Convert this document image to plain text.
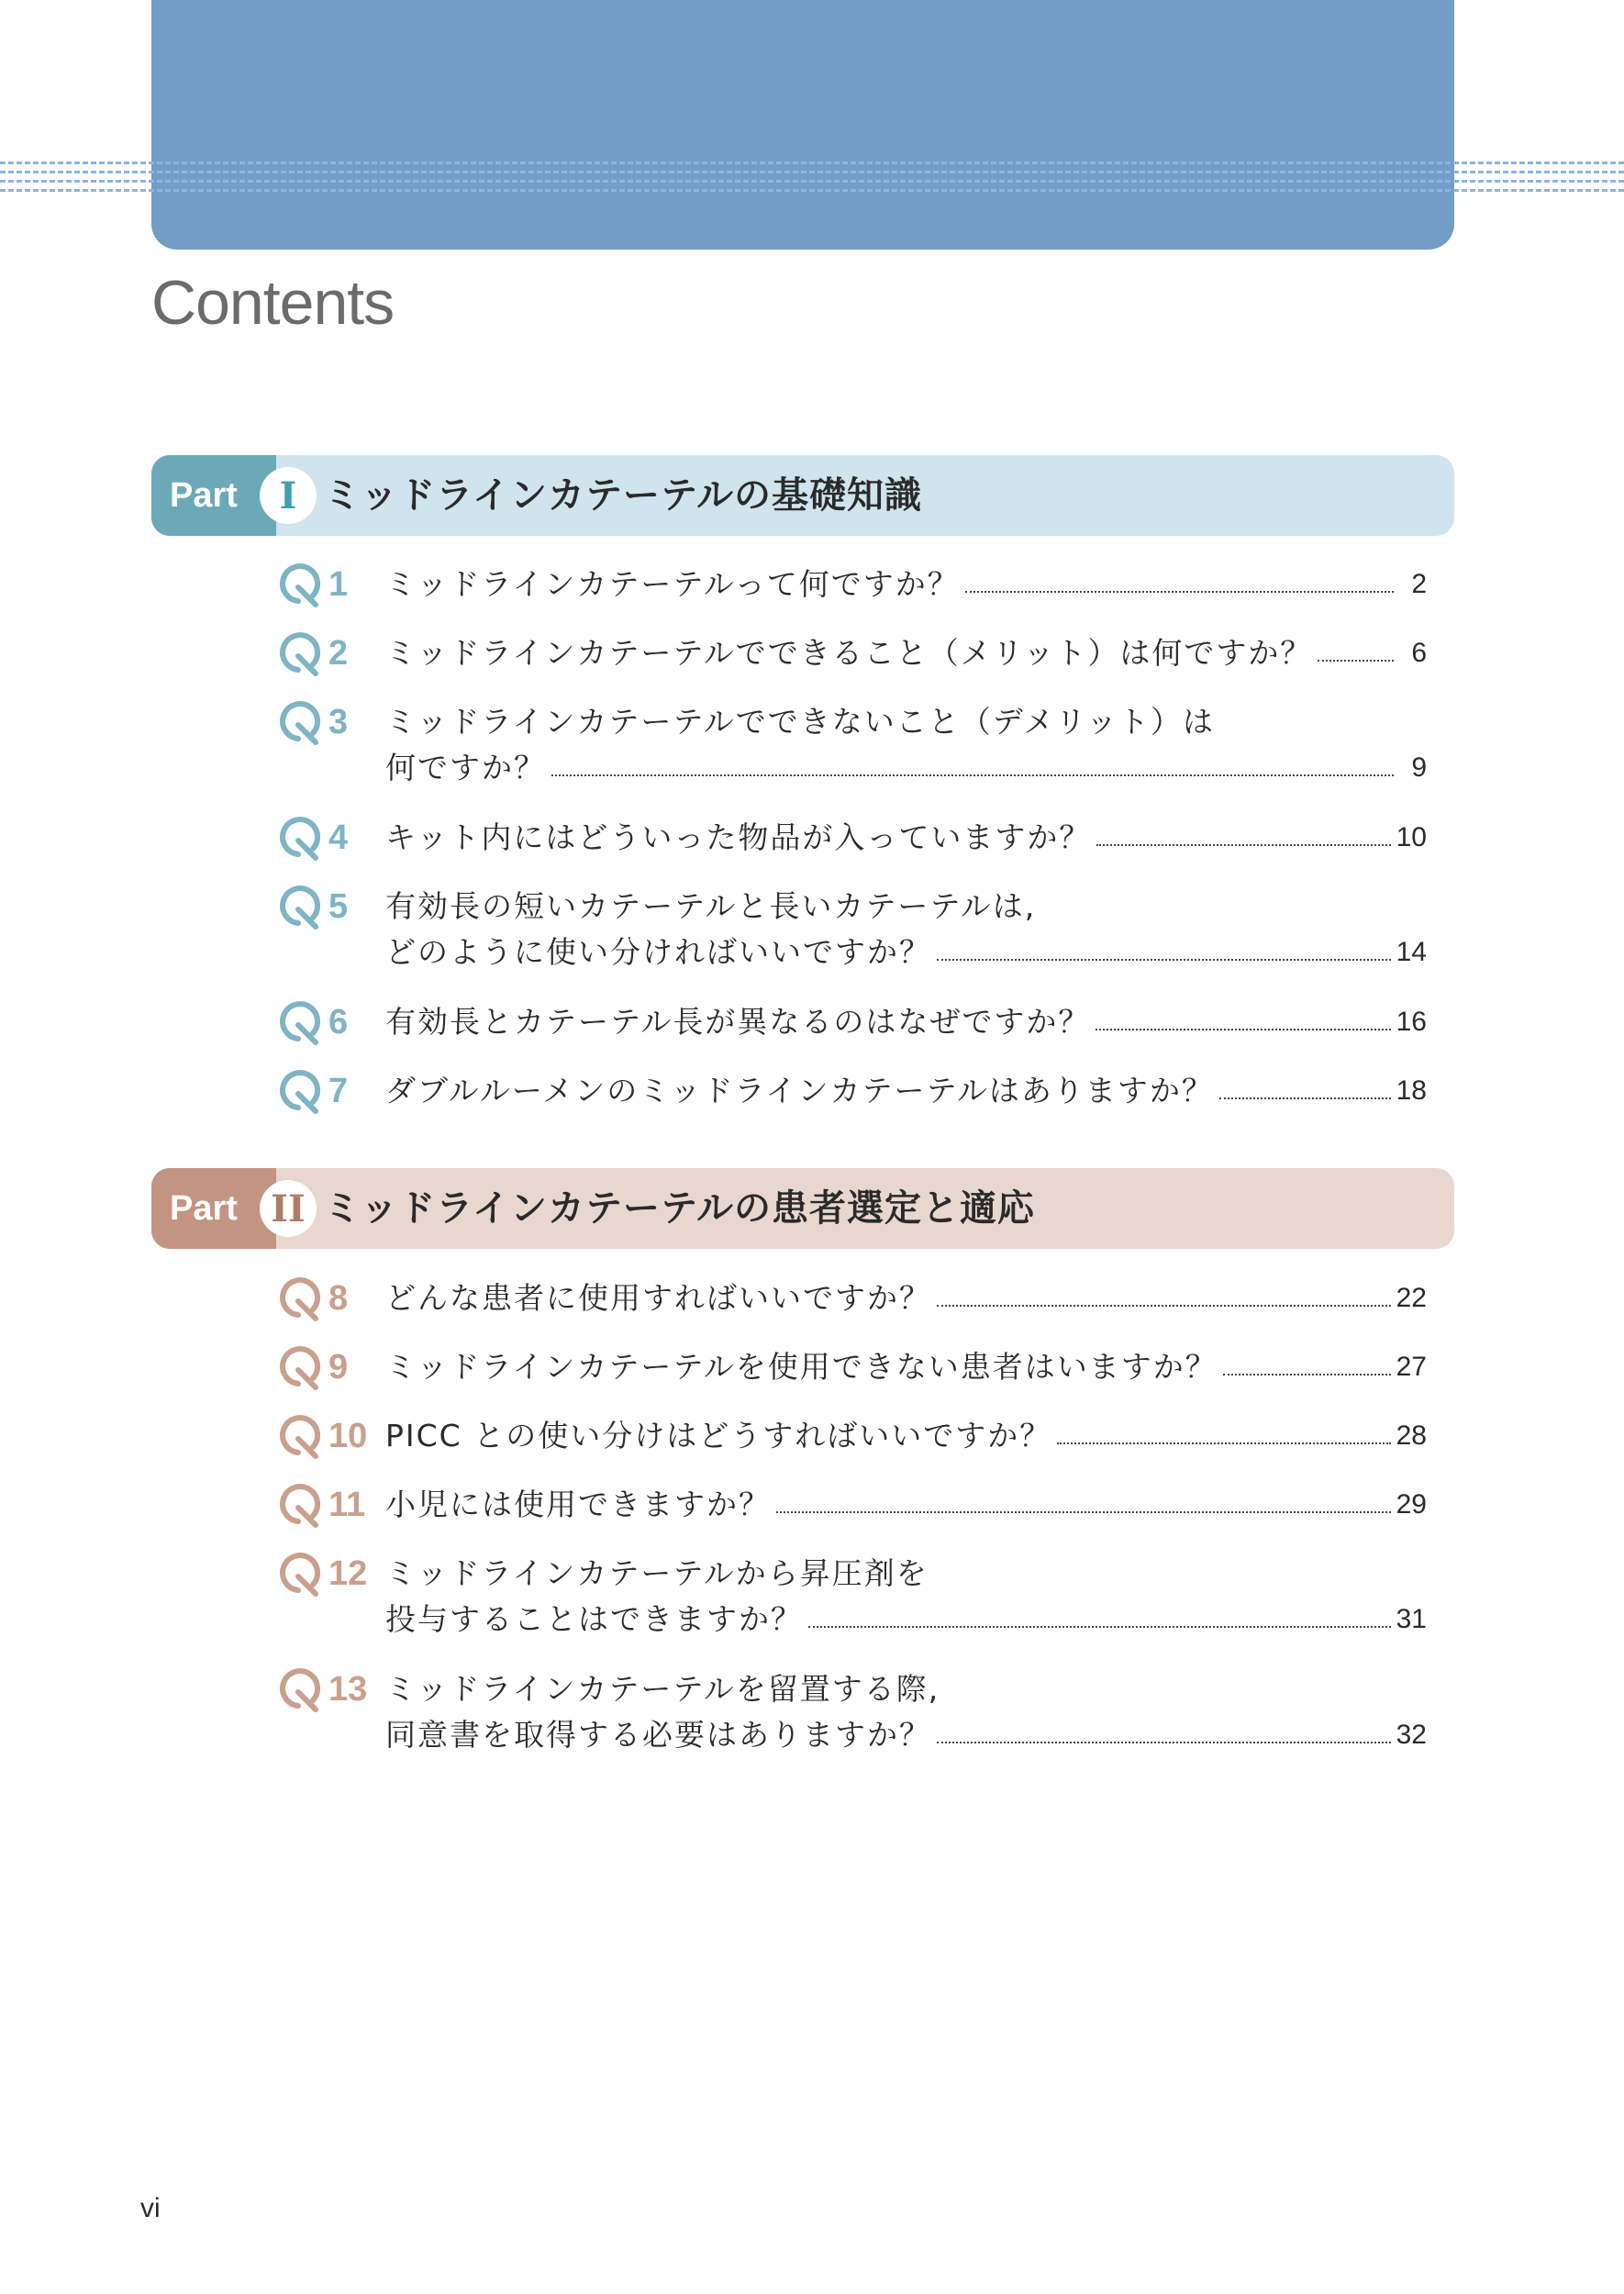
Contents
Part	I ミッドラインカテーテルの基礎知識
1 ミッドラインカテーテルって何ですか？	2
2 ミッドラインカテーテルでできること（メリット）は何ですか？	6
3 ミッドラインカテーテルでできないこと（デメリット）は
何ですか？	9
4 キット内にはどういった物品が入っていますか？	10
5 有効長の短いカテーテルと長いカテーテルは,
どのように使い分ければいいですか？	14
6 有効長とカテーテル長が異なるのはなぜですか？	16
7 ダブルルーメンのミッドラインカテーテルはありますか？	18
Part II ミッドラインカテーテルの患者選定と適応
8 どんな患者に使用すればいいですか？	22
9 ミッドラインカテーテルを使用できない患者はいますか？	27
10 PICC との使い分けはどうすればいいですか？	28
11 小児には使用できますか？	29
12 ミッドラインカテーテルから昇圧剤を
投与することはできますか？	31
13 ミッドラインカテーテルを留置する際,
同意書を取得する必要はありますか？	32
vi
